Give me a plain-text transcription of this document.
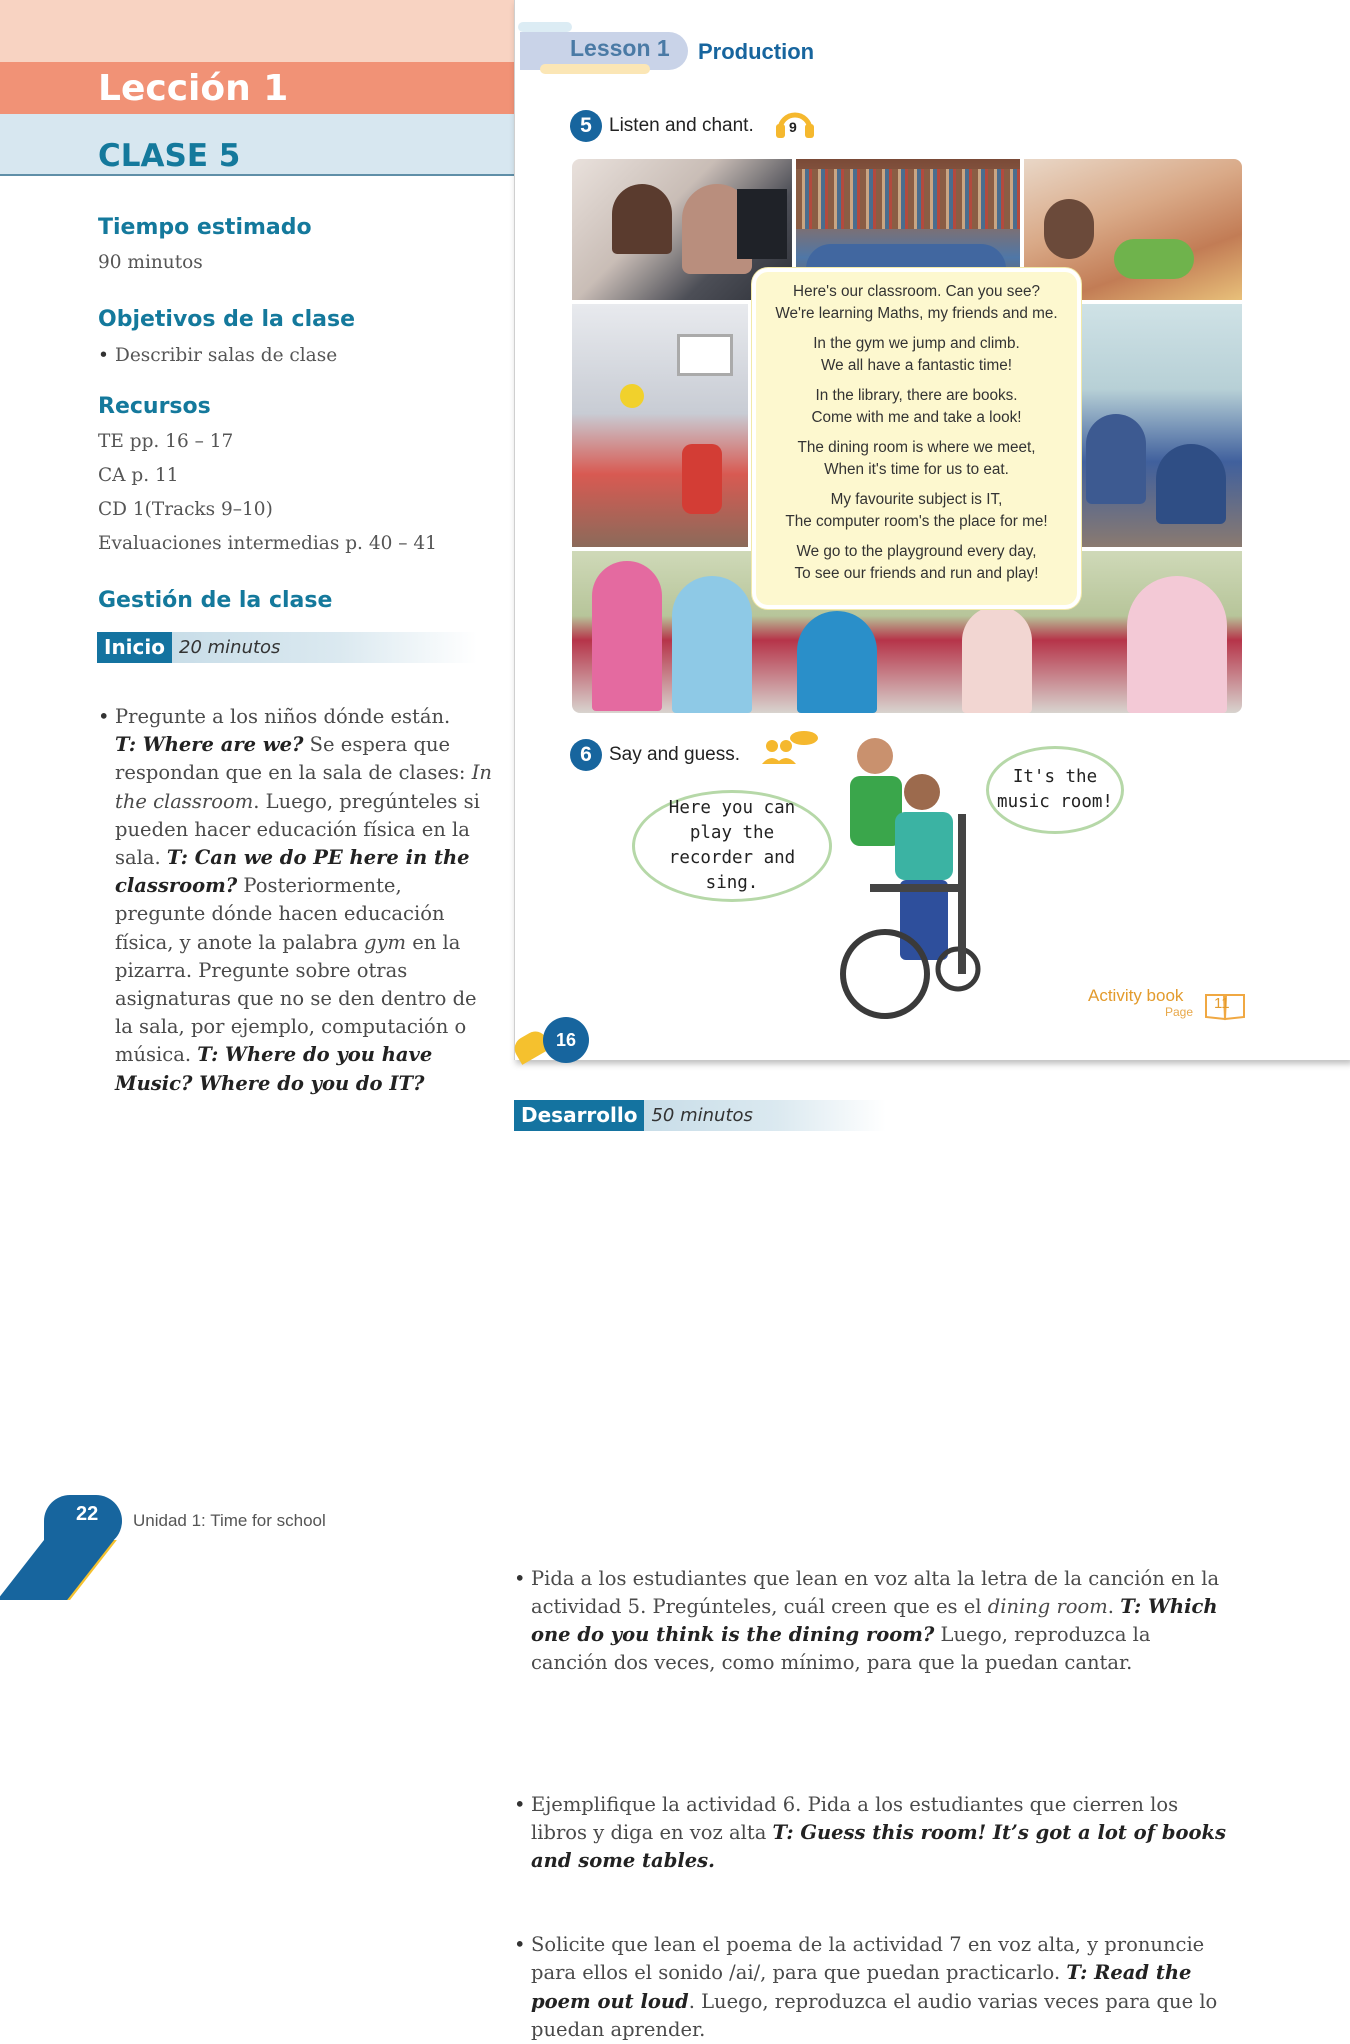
Lección 1
CLASE 5
Tiempo estimado
90 minutos
Objetivos de la clase
• Describir salas de clase
Recursos
TE pp. 16 – 17
CA p. 11
CD 1(Tracks 9–10)
Evaluaciones intermedias p. 40 – 41
Gestión de la clase
Inicio 20 minutos
• Pregunte a los niños dónde están.
T: Where are we? Se espera que respondan que en la sala de clases: In the classroom. Luego, pregúnteles si pueden hacer educación física en la sala. T: Can we do PE here in the classroom? Posteriormente, pregunte dónde hacen educación física, y anote la palabra gym en la pizarra. Pregunte sobre otras asignaturas que no se den dentro de la sala, por ejemplo, computación o música. T: Where do you have Music? Where do you do IT?
Lesson 1 Production
5 Listen and chant.	9
Here's our classroom. Can you see?
We're learning Maths, my friends and me.
In the gym we jump and climb.
We all have a fantastic time!
In the library, there are books.
Come with me and take a look!
The dining room is where we meet,
When it's time for us to eat.
My favourite subject is IT,
The computer room's the place for me!
We go to the playground every day,
To see our friends and run and play!
6 Say and guess.
Here you can play the recorder and sing.
It's the music room!
Activity book
Page 11
16
Desarrollo 50 minutos
• Pida a los estudiantes que lean en voz alta la letra de la canción en la actividad 5. Pregúnteles, cuál creen que es el dining room. T: Which one do you think is the dining room? Luego, reproduzca la canción dos veces, como mínimo, para que la puedan cantar.
• Ejemplifique la actividad 6. Pida a los estudiantes que cierren los libros y diga en voz alta T: Guess this room! It’s got a lot of books and some tables.
• Solicite que lean el poema de la actividad 7 en voz alta, y pronuncie para ellos el sonido /ai/, para que puedan practicarlo. T: Read the poem out loud. Luego, reproduzca el audio varias veces para que lo puedan aprender.
22 Unidad 1: Time for school
